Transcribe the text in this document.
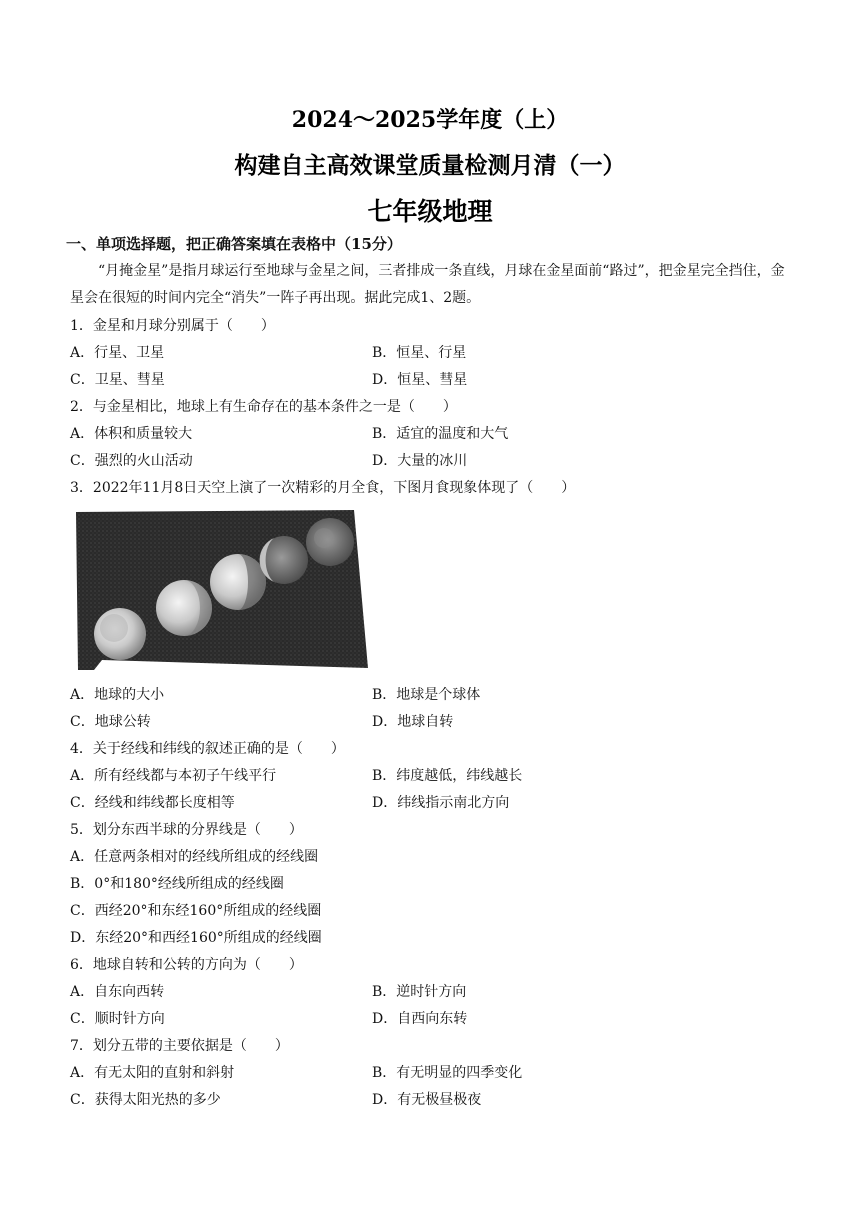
2024～2025学年度（上）
构建自主高效课堂质量检测月清（一）
七年级地理
一、单项选择题，把正确答案填在表格中（15分）
“月掩金星”是指月球运行至地球与金星之间，三者排成一条直线，月球在金星面前“路过”，把金星完全挡住，金星会在很短的时间内完全“消失”一阵子再出现。据此完成1、2题。
1．金星和月球分别属于（　　）
A．行星、卫星	B．恒星、行星
C．卫星、彗星	D．恒星、彗星
2．与金星相比，地球上有生命存在的基本条件之一是（　　）
A．体积和质量较大	B．适宜的温度和大气
C．强烈的火山活动	D．大量的冰川
3．2022年11月8日天空上演了一次精彩的月全食，下图月食现象体现了（　　）
A．地球的大小	B．地球是个球体
C．地球公转	D．地球自转
4．关于经线和纬线的叙述正确的是（　　）
A．所有经线都与本初子午线平行	B．纬度越低，纬线越长
C．经线和纬线都长度相等	D．纬线指示南北方向
5．划分东西半球的分界线是（　　）
A．任意两条相对的经线所组成的经线圈
B．0°和180°经线所组成的经线圈
C．西经20°和东经160°所组成的经线圈
D．东经20°和西经160°所组成的经线圈
6．地球自转和公转的方向为（　　）
A．自东向西转	B．逆时针方向
C．顺时针方向	D．自西向东转
7．划分五带的主要依据是（　　）
A．有无太阳的直射和斜射	B．有无明显的四季变化
C．获得太阳光热的多少	D．有无极昼极夜
